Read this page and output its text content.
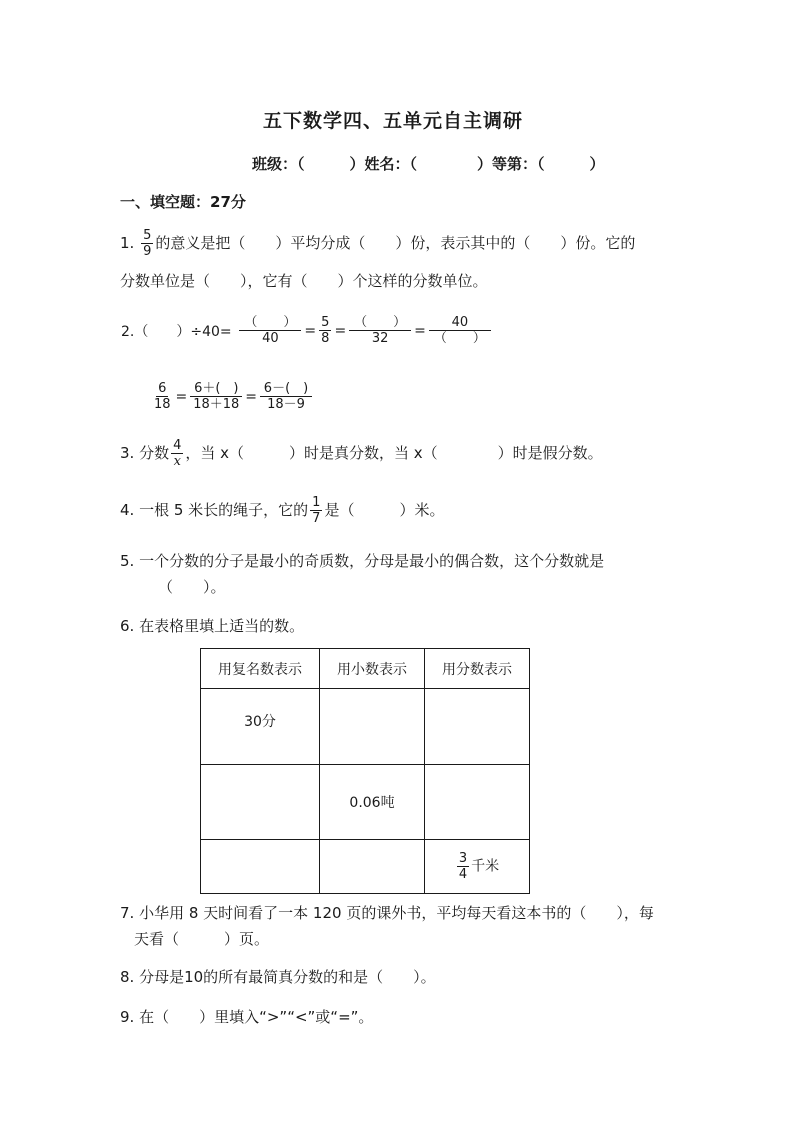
五下数学四、五单元自主调研
班级：（　　　）姓名：（　　　　）等第：（　　　）
一、填空题：27分
1. $\frac{5}{9}$ 的意义是把（　　）平均分成（　　）份，表示其中的（　　）份。它的
分数单位是（　　），它有（　　）个这样的分数单位。
2.（　　）$\div 40= \frac{( )}{40} = \frac{5}{8} = \frac{( )}{32} = \frac{40}{( )}$
$\frac{6}{18} = \frac{6+( )}{18+18} = \frac{6-( )}{18-9}$
3. 分数 $\frac{4}{x}$ ，当 x（　　　）时是真分数，当 x（　　　　）时是假分数。
4. 一根 5 米长的绳子，它的 $\frac{1}{7}$ 是（　　　）米。
5. 一个分数的分子是最小的奇质数，分母是最小的偶合数，这个分数就是
（　　）。
6. 在表格里填上适当的数。
用复名数表示	用小数表示	用分数表示
30分		
	0.06吨	

		$\frac{3}{4}$ 千米
7. 小华用 8 天时间看了一本 120 页的课外书，平均每天看这本书的（　　），每
天看（　　　）页。
8. 分母是10的所有最简真分数的和是（　　）。
9. 在（　　）里填入“>”“<”或“=”。
